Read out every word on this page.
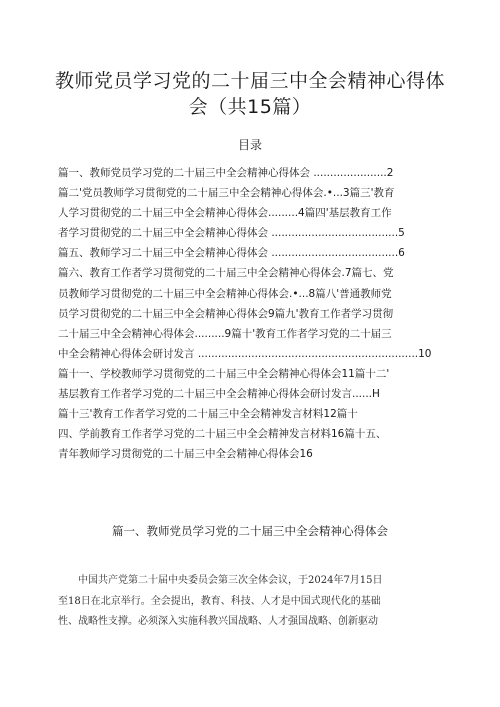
教师党员学习党的二十届三中全会精神心得体
会（共15篇）
目录
篇一、教师党员学习党的二十届三中全会精神心得体会 ......................2
篇二'党员教师学习贯彻党的二十届三中全会精神心得体会.•...3篇三'教育
人学习贯彻党的二十届三中全会精神心得体会.........4篇四'基层教育工作
者学习贯彻党的二十届三中全会精神心得体会 ......................................5
篇五、教师学习二十届三中全会精神心得体会 ......................................6
篇六、教育工作者学习贯彻党的二十届三中全会精神心得体会.7篇七、党
员教师学习贯彻党的二十届三中全会精神心得体会.•...8篇八'普通教师党
员学习贯彻党的二十届三中全会精神心得体会9篇九'教育工作者学习贯彻
二十届三中全会精神心得体会.........9篇十'教育工作者学习党的二十届三
中全会精神心得体会研讨发言 ..................................................................10
篇十一、学校教师学习贯彻党的二十届三中全会精神心得体会11篇十二'
基层教育工作者学习党的二十届三中全会精神心得体会研讨发言......H
篇十三'教育工作者学习党的二十届三中全会精神发言材料12篇十
四、学前教育工作者学习党的二十届三中全会精神发言材料16篇十五、
青年教师学习贯彻党的二十届三中全会精神心得体会16
篇一、教师党员学习党的二十届三中全会精神心得体会
中国共产党第二十届中央委员会第三次全体会议，于2024年7月15日
至18日在北京举行。全会提出，教育、科技、人才是中国式现代化的基础
性、战略性支撑。必须深入实施科教兴国战略、人才强国战略、创新驱动
